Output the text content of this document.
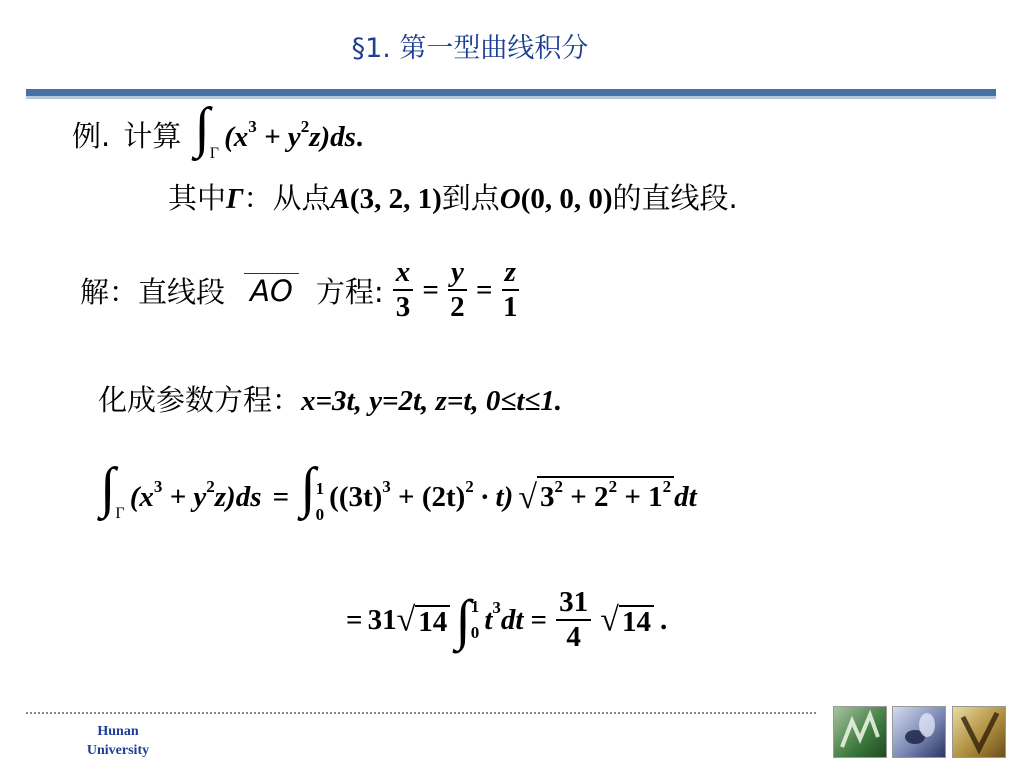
§1. 第一型曲线积分
例. 计算 ∫Γ $(x^3 + y^2z)ds$.
其中Γ：从点A(3, 2, 1)到点O(0, 0, 0)的直线段.
解：直线段 AO 方程: $\frac{x}{3} = \frac{y}{2} = \frac{z}{1}$
化成参数方程：x=3t, y=2t, z=t, 0≤t≤1.
∫Γ $(x^3 + y^2z)ds$ = ∫ 1
0
$((3t)^3 + (2t)^2 \cdot t)$ √ $3^2 + 2^2 + 1^2$ dt
= 31√ 14 ∫ 1
0 $t3dt = \frac{31}{4}$ √ 14 .
Hunan
University
